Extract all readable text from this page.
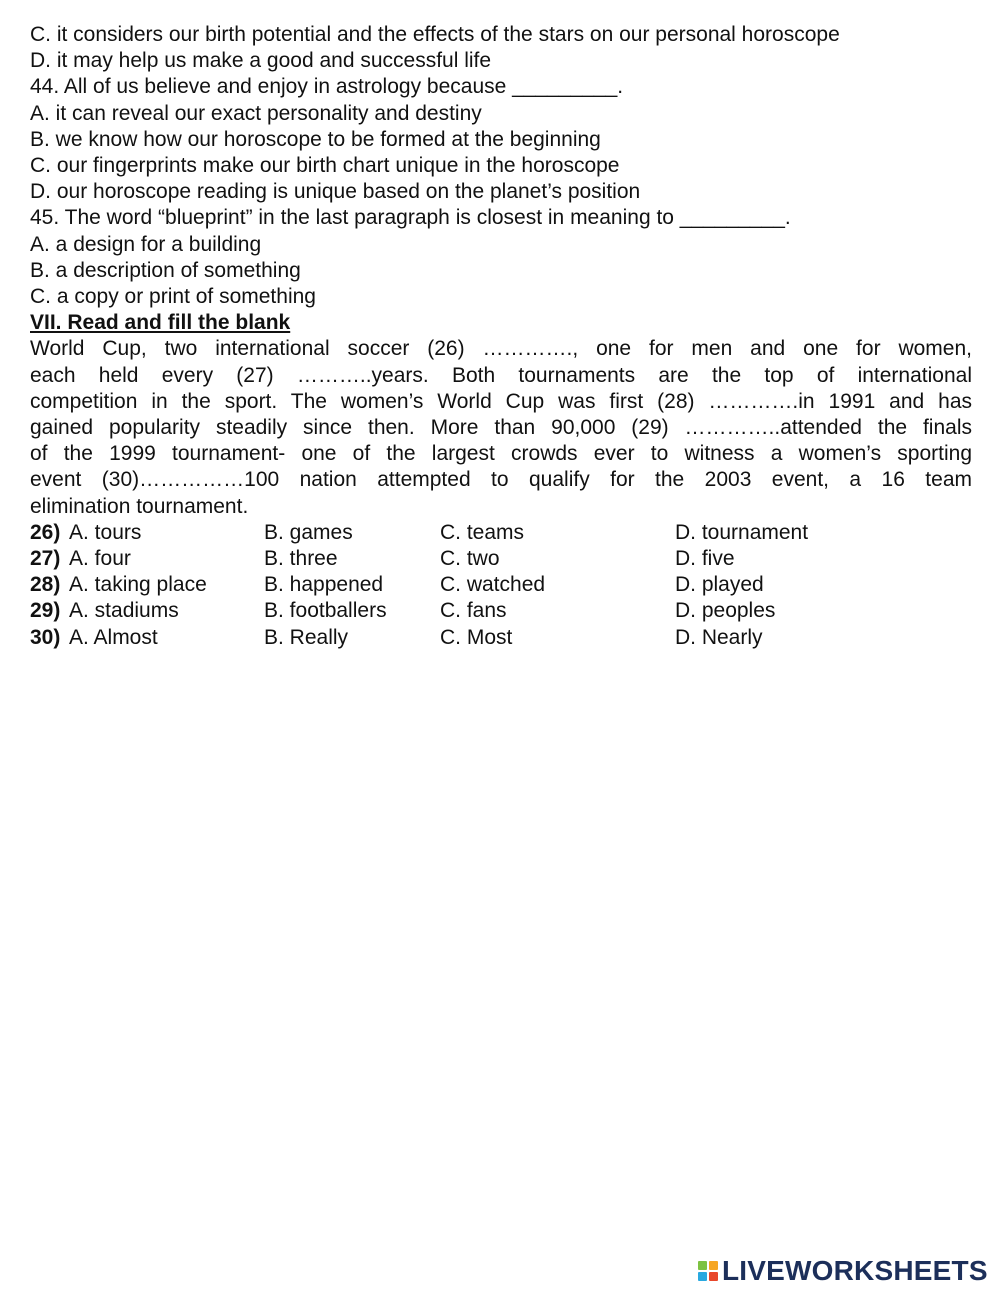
C. it considers our birth potential and the effects of the stars on our personal horoscope
D. it may help us make a good and successful life
44. All of us believe and enjoy in astrology because _________.
A. it can reveal our exact personality and destiny
B. we know how our horoscope to be formed at the beginning
C. our fingerprints make our birth chart unique in the horoscope
D. our horoscope reading is unique based on the planet’s position
45. The word “blueprint” in the last paragraph is closest in meaning to _________.
A. a design for a building
B. a description of something
C. a copy or print of something
VII. Read and fill the blank
World Cup, two international soccer (26) …………., one for men and one for women,
each held every (27) ………..years. Both tournaments are the top of international
competition in the sport. The women’s World Cup was first (28) ………….in 1991 and has
gained popularity steadily since then. More than 90,000 (29) …………..attended the finals
of the 1999 tournament- one of the largest crowds ever to witness a women’s sporting
event (30)……………100 nation attempted to qualify for the 2003 event, a 16 team
elimination tournament.
26) A. tours	B. games	C. teams	D. tournament
27) A. four	B. three	C. two	D. five
28) A. taking place	B. happened	C. watched	D. played
29) A. stadiums	B. footballers	C. fans	D. peoples
30) A. Almost	B. Really	C. Most	D. Nearly
LIVEWORKSHEETS
